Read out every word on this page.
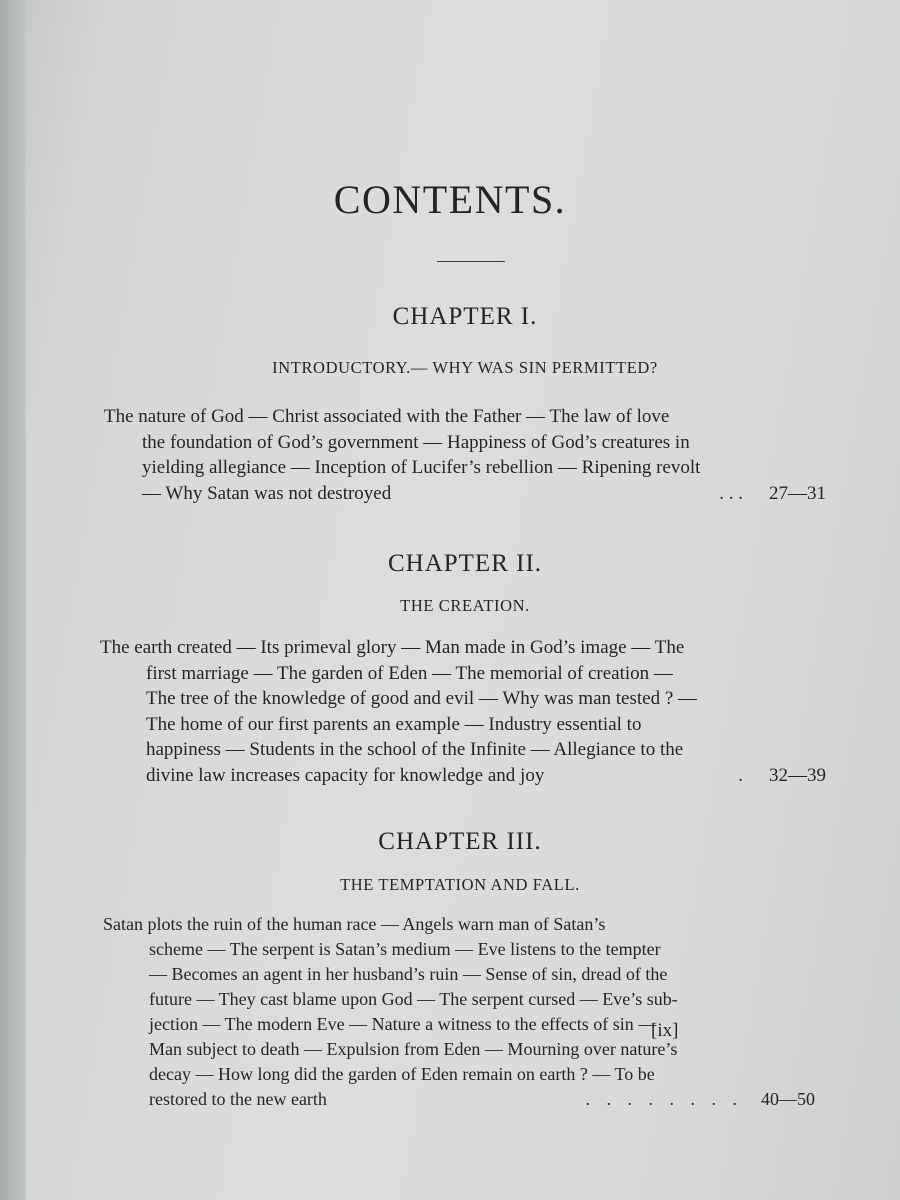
CONTENTS.
CHAPTER I.
INTRODUCTORY.— WHY WAS SIN PERMITTED?
The nature of God — Christ associated with the Father — The law of love
the foundation of God’s government — Happiness of God’s creatures in
yielding allegiance — Inception of Lucifer’s rebellion — Ripening revolt
— Why Satan was not destroyed	. . .	27—31
CHAPTER II.
THE CREATION.
The earth created — Its primeval glory — Man made in God’s image — The
first marriage — The garden of Eden — The memorial of creation —
The tree of the knowledge of good and evil — Why was man tested ? —
The home of our first parents an example — Industry essential to
happiness — Students in the school of the Infinite — Allegiance to the
divine law increases capacity for knowledge and joy	.	32—39
CHAPTER III.
THE TEMPTATION AND FALL.
Satan plots the ruin of the human race — Angels warn man of Satan’s
scheme — The serpent is Satan’s medium — Eve listens to the tempter
— Becomes an agent in her husband’s ruin — Sense of sin, dread of the
future — They cast blame upon God — The serpent cursed — Eve’s sub-
jection — The modern Eve — Nature a witness to the effects of sin —
Man subject to death — Expulsion from Eden — Mourning over nature’s
decay — How long did the garden of Eden remain on earth ? — To be
restored to the new earth	. . . . . . . .	40—50
[ix]
